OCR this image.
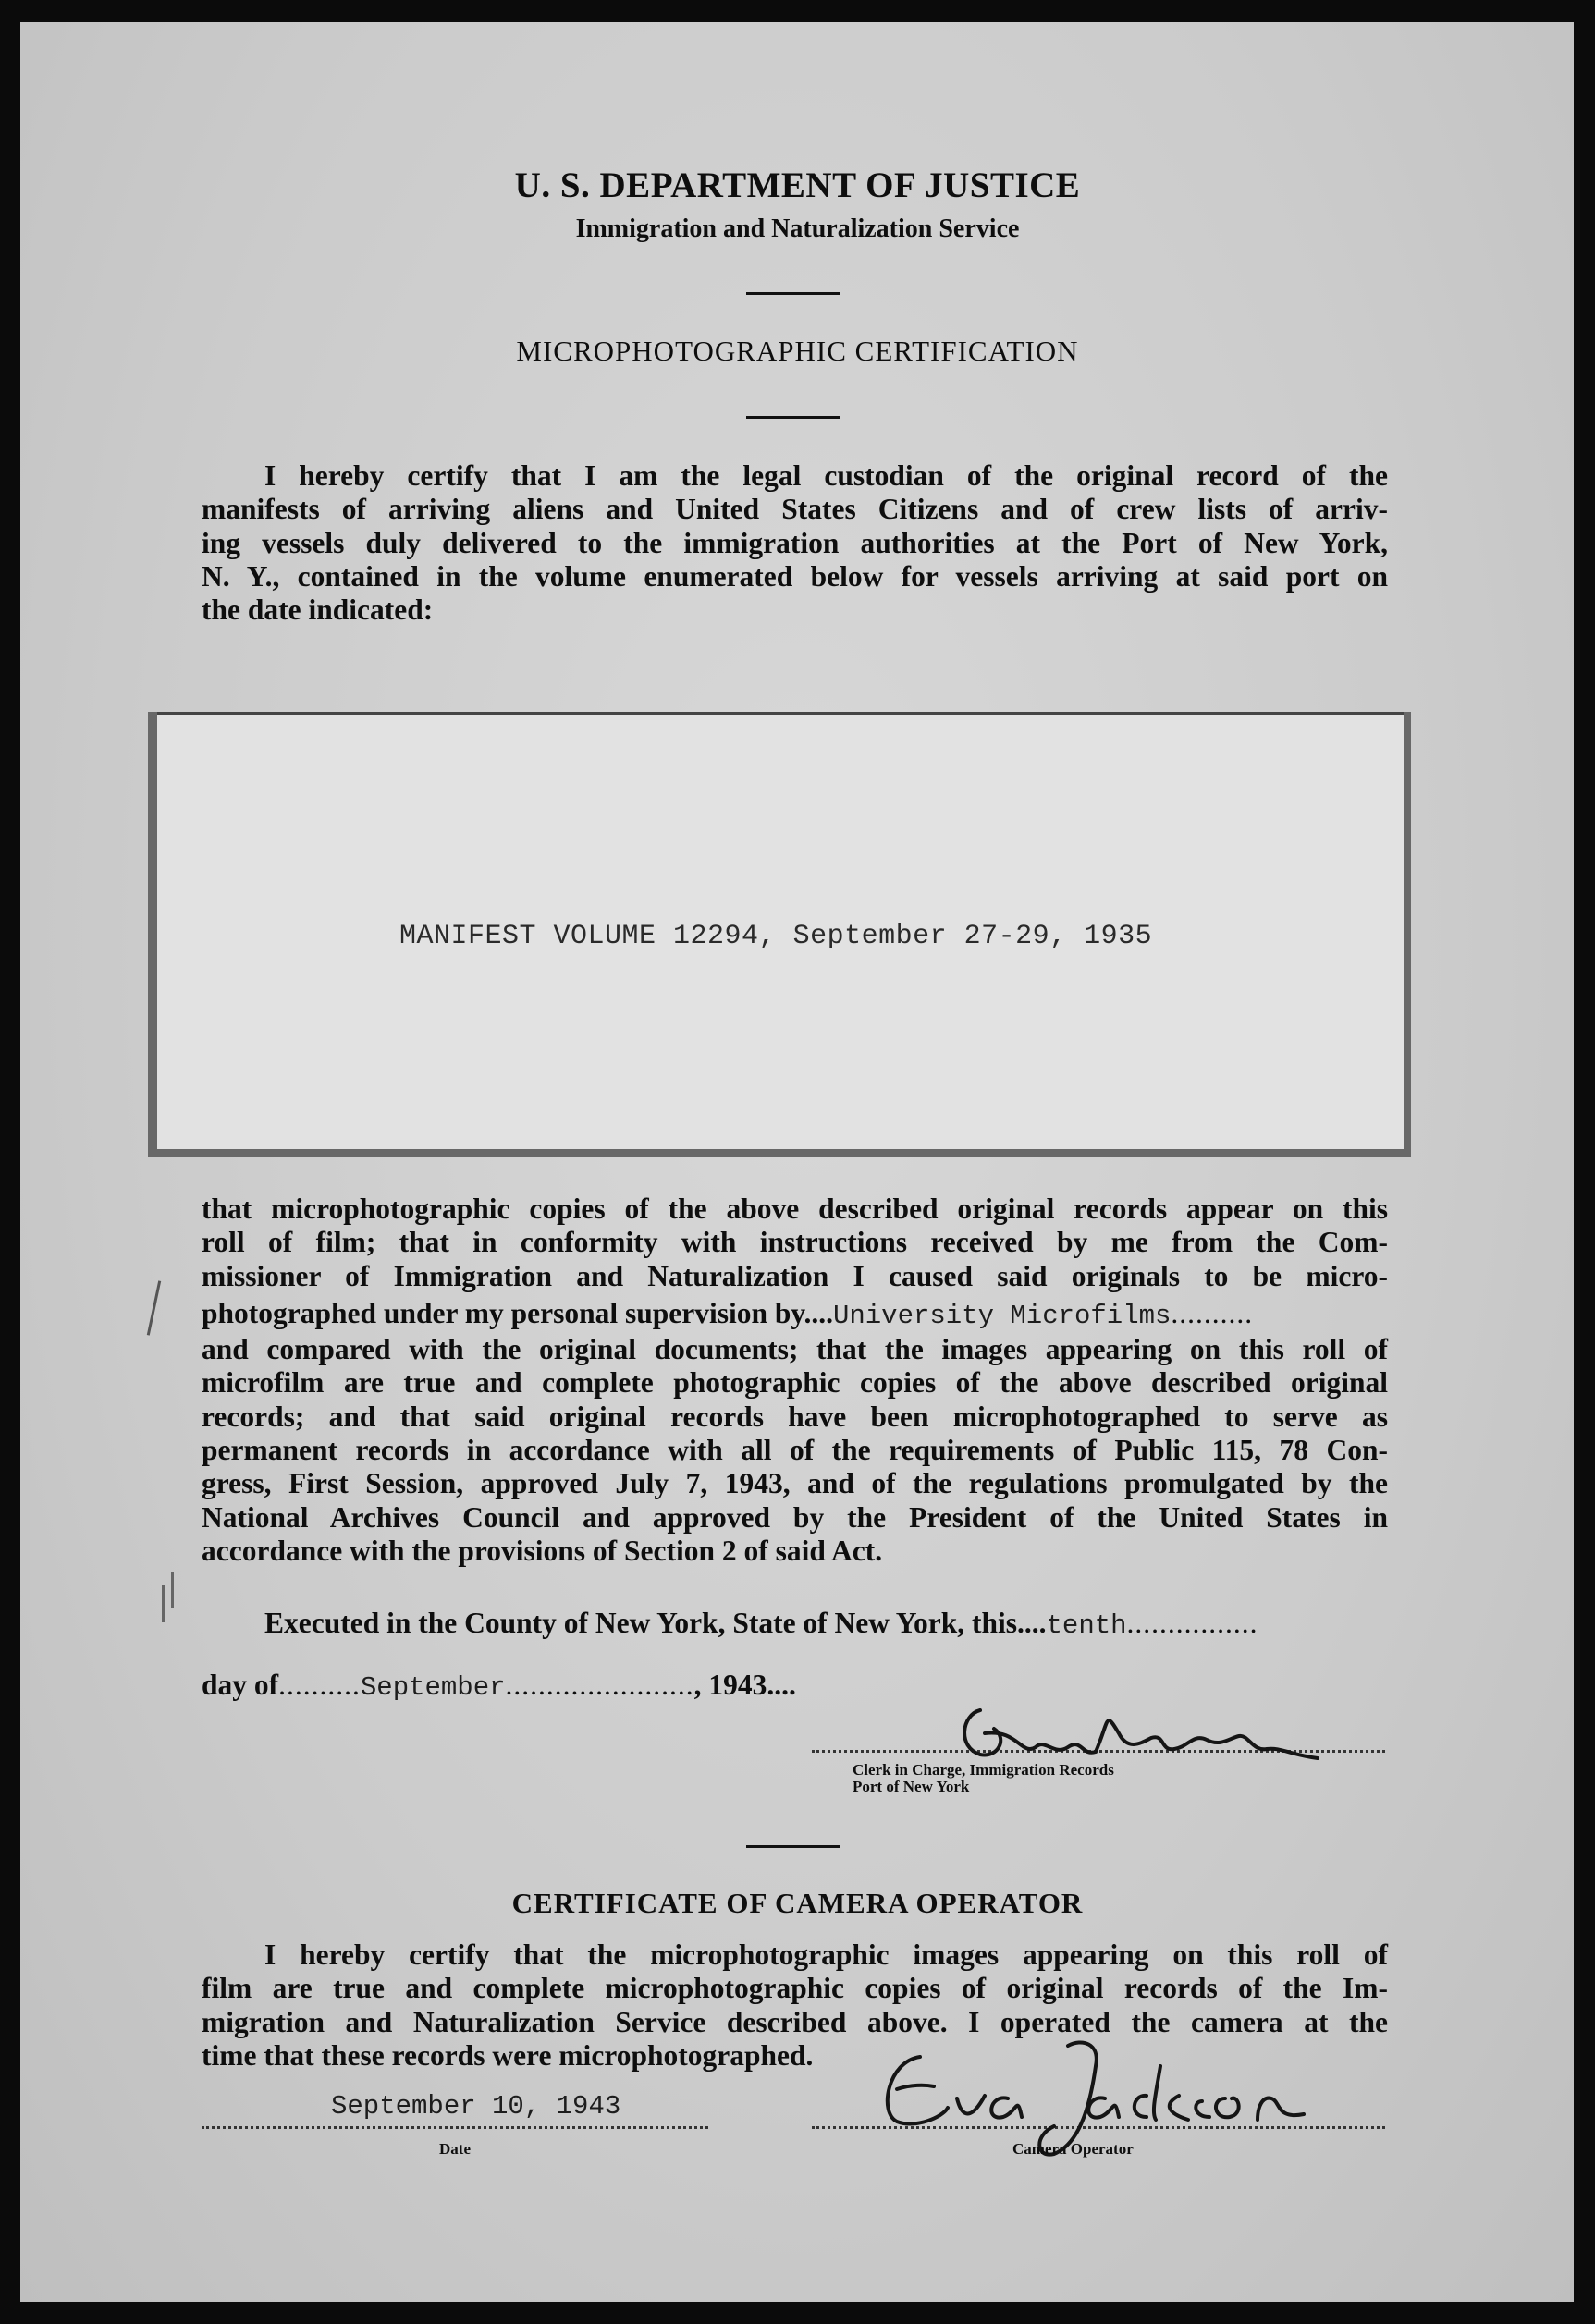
U. S. DEPARTMENT OF JUSTICE
Immigration and Naturalization Service
MICROPHOTOGRAPHIC CERTIFICATION
I hereby certify that I am the legal custodian of the original record of the
manifests of arriving aliens and United States Citizens and of crew lists of arriv-
ing vessels duly delivered to the immigration authorities at the Port of New York,
N. Y., contained in the volume enumerated below for vessels arriving at said port on
the date indicated:
MANIFEST VOLUME 12294, September 27-29, 1935
that microphotographic copies of the above described original records appear on this
roll of film; that in conformity with instructions received by me from the Com-
missioner of Immigration and Naturalization I caused said originals to be micro-
photographed under my personal supervision by....University Microfilms..........
and compared with the original documents; that the images appearing on this roll of
microfilm are true and complete photographic copies of the above described original
records; and that said original records have been microphotographed to serve as
permanent records in accordance with all of the requirements of Public 115, 78 Con-
gress, First Session, approved July 7, 1943, and of the regulations promulgated by the
National Archives Council and approved by the President of the United States in
accordance with the provisions of Section 2 of said Act.
Executed in the County of New York, State of New York, this....tenth................
day of..........September......................., 1943....
Clerk in Charge, Immigration Records
Port of New York
CERTIFICATE OF CAMERA OPERATOR
I hereby certify that the microphotographic images appearing on this roll of
film are true and complete microphotographic copies of original records of the Im-
migration and Naturalization Service described above. I operated the camera at the
time that these records were microphotographed.
September 10, 1943
Date	Camera Operator
